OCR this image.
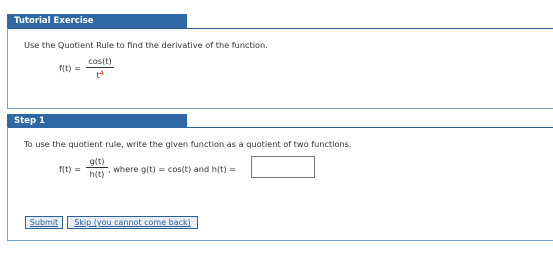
Tutorial Exercise
Use the Quotient Rule to find the derivative of the function.
f(t) =
cos(t)
$t^4$
Step 1
To use the quotient rule, write the given function as a quotient of two functions.
f(t) =
g(t)
h(t) , where g(t) = cos(t) and h(t) =
Submit	Skip (you cannot come back)
